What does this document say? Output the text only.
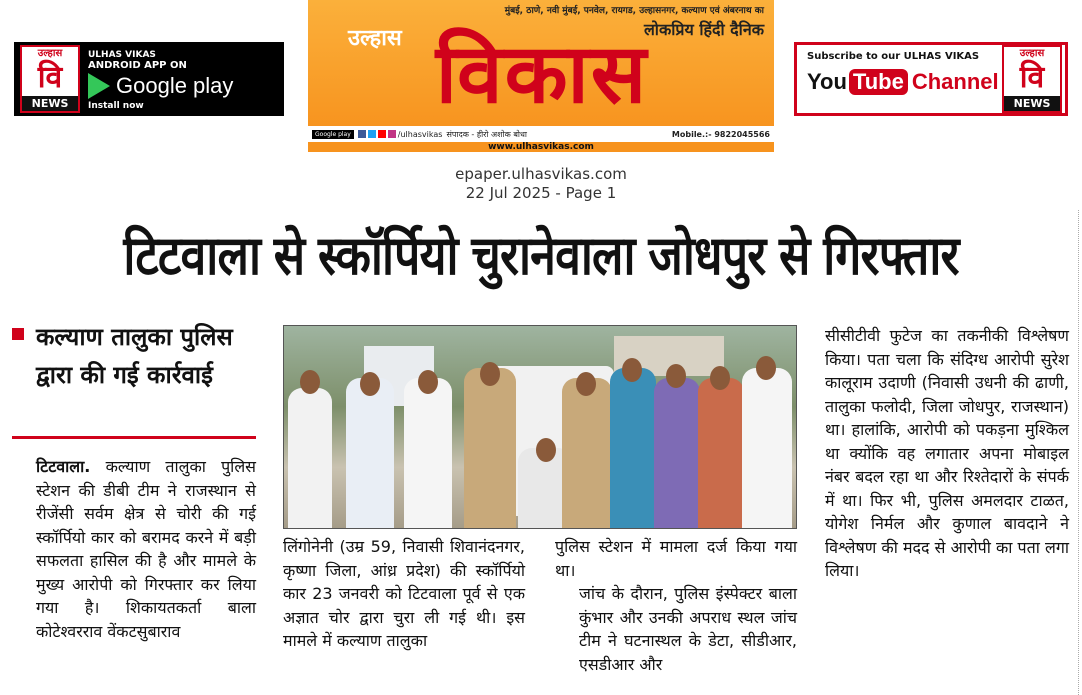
उल्हास
वि
NEWS
ULHAS VIKAS
ANDROID APP ON
Google play
Install now
मुंबई, ठाणे, नवी मुंबई, पनवेल, रायगड, उल्हासनगर, कल्याण एवं अंबरनाथ का
लोकप्रिय हिंदी दैनिक
उल्हास विकास
Google play	/ulhasvikas संपादक - हीरो अशोक बोधा	Mobile.:- 9822045566
www.ulhasvikas.com
Subscribe to our ULHAS VIKAS
You Tube Channel
उल्हास
वि
NEWS
epaper.ulhasvikas.com
22 Jul 2025 - Page 1
टिटवाला से स्कॉर्पियो चुरानेवाला जोधपुर से गिरफ्तार
कल्याण तालुका पुलिस द्वारा की गई कार्रवाई

टिटवाला. कल्याण तालुका पुलिस स्टेशन की डीबी टीम ने राजस्थान से रीजेंसी सर्वम क्षेत्र से चोरी की गई स्कॉर्पियो कार को बरामद करने में बड़ी सफलता हासिल की है और मामले के मुख्य आरोपी को गिरफ्तार कर लिया गया है। शिकायतकर्ता बाला कोटेश्वरराव वेंकटसुबाराव

लिंगोनेनी (उम्र 59, निवासी शिवानंदनगर, कृष्णा जिला, आंध्र प्रदेश) की स्कॉर्पियो कार 23 जनवरी को टिटवाला पूर्व से एक अज्ञात चोर द्वारा चुरा ली गई थी। इस मामले में कल्याण तालुका

पुलिस स्टेशन में मामला दर्ज किया गया था।

जांच के दौरान, पुलिस इंस्पेक्टर बाला कुंभार और उनकी अपराध स्थल जांच टीम ने घटनास्थल के डेटा, सीडीआर, एसडीआर और

सीसीटीवी फुटेज का तकनीकी विश्लेषण किया। पता चला कि संदिग्ध आरोपी सुरेश कालूराम उदाणी (निवासी उधनी की ढाणी, तालुका फलोदी, जिला जोधपुर, राजस्थान) था। हालांकि, आरोपी को पकड़ना मुश्किल था क्योंकि वह लगातार अपना मोबाइल नंबर बदल रहा था और रिश्तेदारों के संपर्क में था। फिर भी, पुलिस अमलदार टाळत, योगेश निर्मल और कुणाल बावदाने ने विश्लेषण की मदद से आरोपी का पता लगा लिया।
